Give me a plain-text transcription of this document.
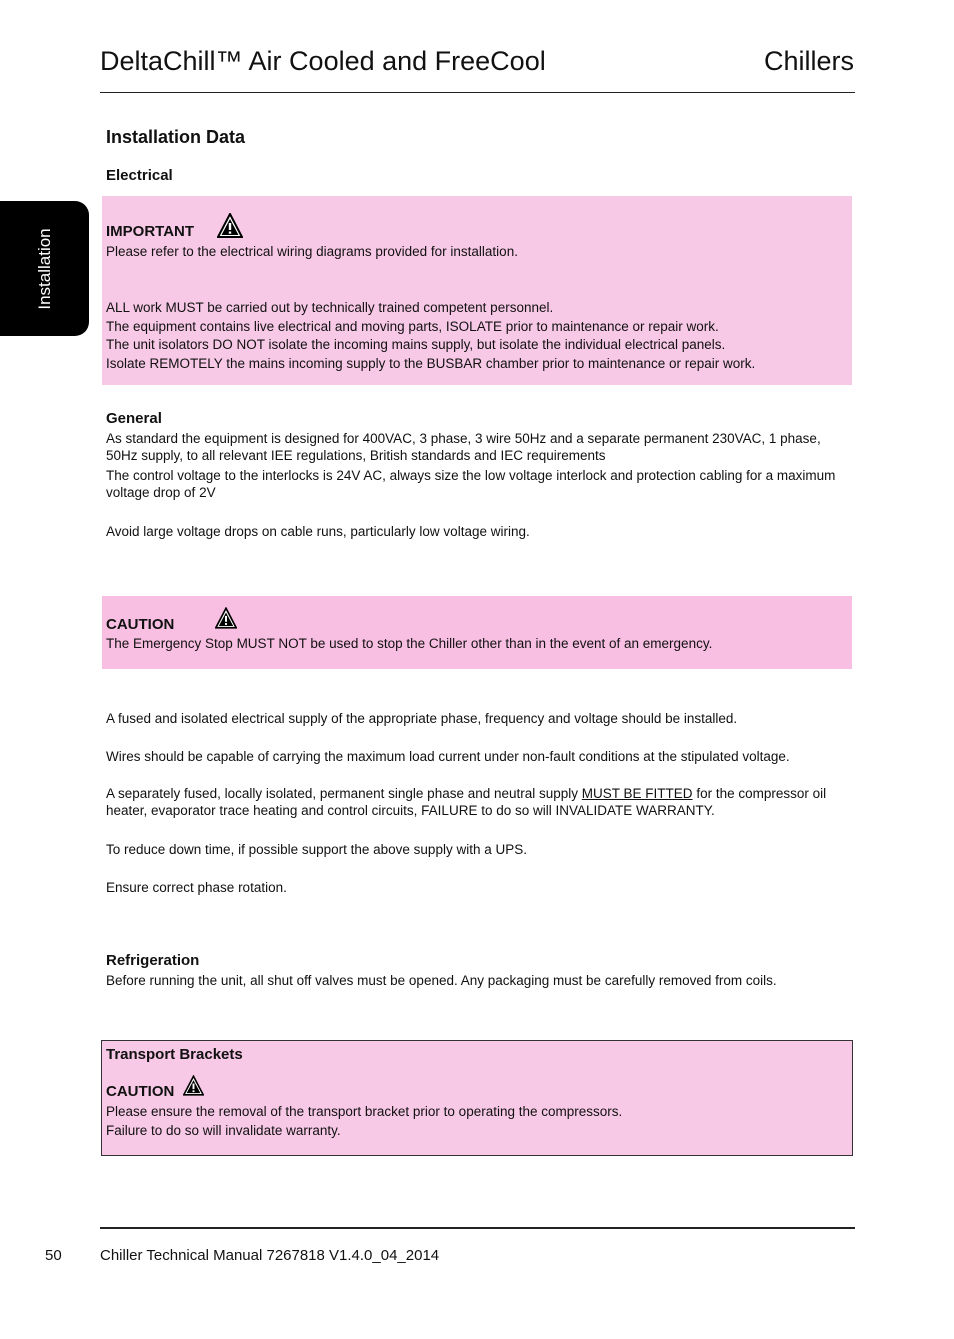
DeltaChill™ Air Cooled and FreeCool	Chillers
Installation
Installation Data
Electrical
IMPORTANT
Please refer to the electrical wiring diagrams provided for installation.
ALL work MUST be carried out by technically trained competent personnel.
The equipment contains live electrical and moving parts, ISOLATE prior to maintenance or repair work.
The unit isolators DO NOT isolate the incoming mains supply, but isolate the individual electrical panels.
Isolate REMOTELY the mains incoming supply to the BUSBAR chamber prior to maintenance or repair work.
General
As standard the equipment is designed for 400VAC, 3 phase, 3 wire 50Hz and a separate permanent 230VAC, 1 phase, 50Hz supply, to all relevant IEE regulations, British standards and IEC requirements
The control voltage to the interlocks is 24V AC, always size the low voltage interlock and protection cabling for a maximum voltage drop of 2V
Avoid large voltage drops on cable runs, particularly low voltage wiring.
CAUTION
The Emergency Stop MUST NOT be used to stop the Chiller other than in the event of an emergency.
A fused and isolated electrical supply of the appropriate phase, frequency and voltage should be installed.
Wires should be capable of carrying the maximum load current under non-fault conditions at the stipulated voltage.
A separately fused, locally isolated, permanent single phase and neutral supply MUST BE FITTED for the compressor oil heater, evaporator trace heating and control circuits, FAILURE to do so will INVALIDATE WARRANTY.
To reduce down time, if possible support the above supply with a UPS.
Ensure correct phase rotation.
Refrigeration
Before running the unit, all shut off valves must be opened. Any packaging must be carefully removed from coils.
Transport Brackets
CAUTION
Please ensure the removal of the transport bracket prior to operating the compressors.
Failure to do so will invalidate warranty.
50	Chiller Technical Manual 7267818 V1.4.0_04_2014
